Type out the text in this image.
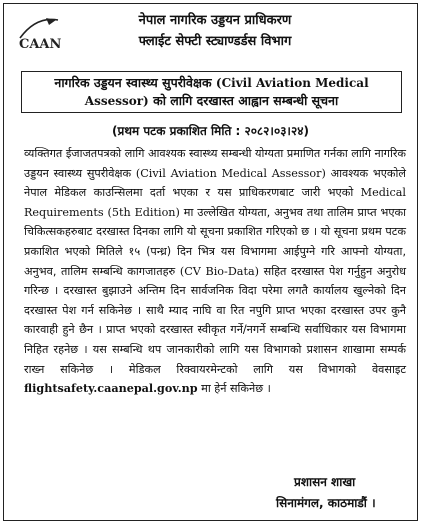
CAAN
नेपाल नागरिक उड्डयन प्राधिकरण
फ्लाईट सेफ्टी स्ट्याण्डर्डस विभाग
नागरिक उड्डयन स्वास्थ्य सुपरीवेक्षक (Civil Aviation Medical Assessor) को लागि दरखास्त आह्वान सम्बन्धी सूचना
(प्रथम पटक प्रकाशित मिति : २०८२।०३।२४)
व्यक्तिगत ईजाजतपत्रको लागि आवश्यक स्वास्थ्य सम्बन्धी योग्यता प्रमाणित गर्नका लागि नागरिक उड्डयन स्वास्थ्य सुपरीवेक्षक (Civil Aviation Medical Assessor) आवश्यक भएकोले नेपाल मेडिकल काउन्सिलमा दर्ता भएका र यस प्राधिकरणबाट जारी भएको Medical Requirements (5th Edition) मा उल्लेखित योग्यता, अनुभव तथा तालिम प्राप्त भएका चिकित्सकहरुबाट दरखास्त दिनका लागि यो सूचना प्रकाशित गरिएको छ । यो सूचना प्रथम पटक प्रकाशित भएको मितिले १५ (पन्ध्र) दिन भित्र यस विभागमा आईपुग्ने गरि आफ्नो योग्यता, अनुभव, तालिम सम्बन्धि कागजातहरु (CV Bio-Data) सहित दरखास्त पेश गर्नुहुन अनुरोध गरिन्छ । दरखास्त बुझाउने अन्तिम दिन सार्वजनिक विदा परेमा लगतै कार्यालय खुल्नेको दिन दरखास्त पेश गर्न सकिनेछ । साथै म्याद नाघि वा रित नपुगि प्राप्त भएका दरखास्त उपर कुनै कारवाही हुने छैन । प्राप्त भएको दरखास्त स्वीकृत गर्ने/नगर्ने सम्बन्धि सर्वाधिकार यस विभागमा निहित रहनेछ । यस सम्बन्धि थप जानकारीको लागि यस विभागको प्रशासन शाखामा सम्पर्क राख्न सकिनेछ । मेडिकल रिक्वायरमेन्टको लागि यस विभागको वेवसाइट flightsafety.caanepal.gov.np मा हेर्न सकिनेछ ।
प्रशासन शाखा
सिनामंगल, काठमाडौं ।
